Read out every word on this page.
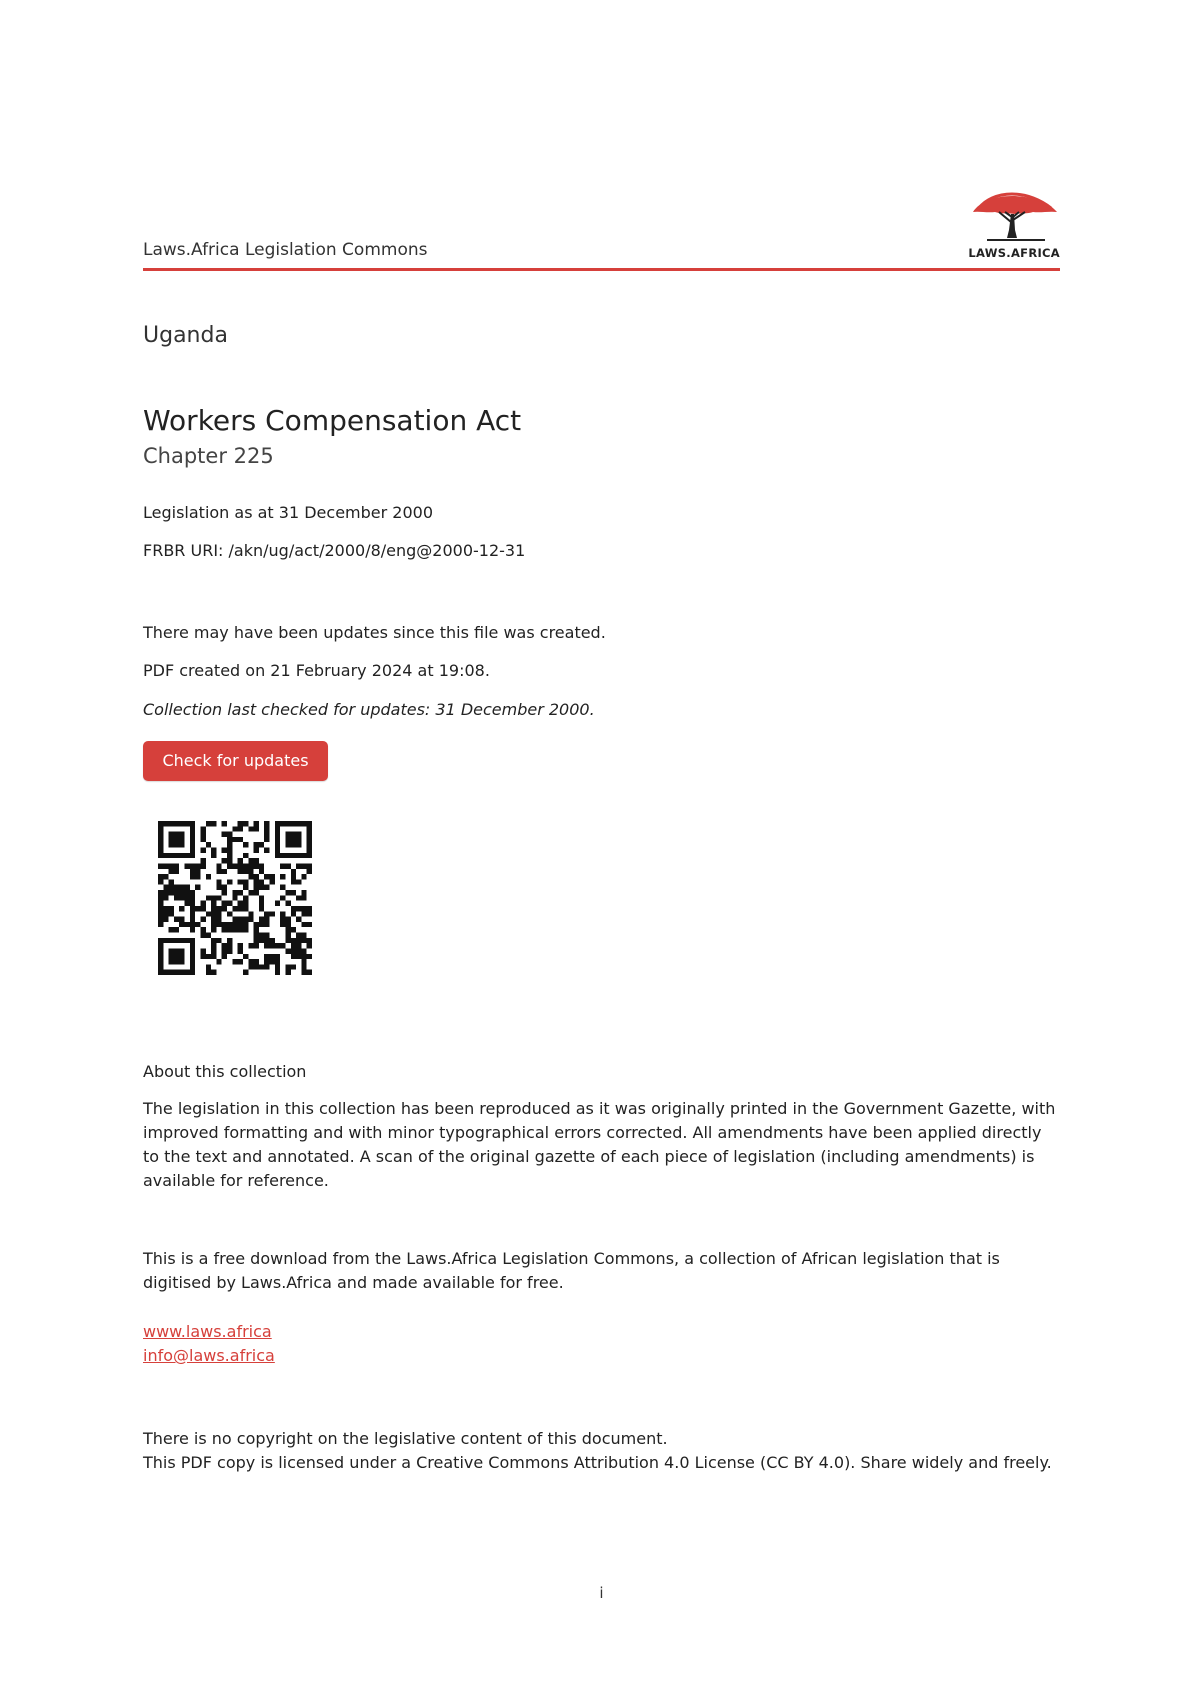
Laws.Africa Legislation Commons	LAWS.AFRICA
Uganda
Workers Compensation Act
Chapter 225
Legislation as at 31 December 2000
FRBR URI: /akn/ug/act/2000/8/eng@2000-12-31
There may have been updates since this file was created.
PDF created on 21 February 2024 at 19:08.
Collection last checked for updates: 31 December 2000.
Check for updates
About this collection
The legislation in this collection has been reproduced as it was originally printed in the Government Gazette, with improved formatting and with minor typographical errors corrected. All amendments have been applied directly to the text and annotated. A scan of the original gazette of each piece of legislation (including amendments) is available for reference.
This is a free download from the Laws.Africa Legislation Commons, a collection of African legislation that is digitised by Laws.Africa and made available for free.
www.laws.africa
info@laws.africa
There is no copyright on the legislative content of this document.
This PDF copy is licensed under a Creative Commons Attribution 4.0 License (CC BY 4.0). Share widely and freely.
i
